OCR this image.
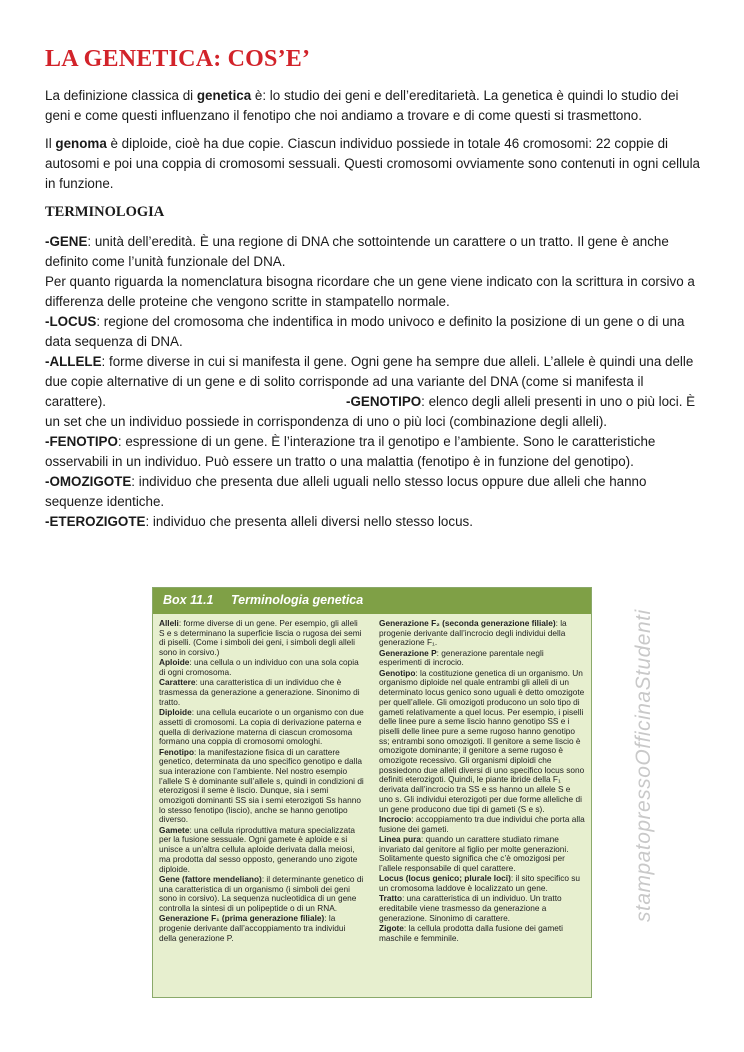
LA GENETICA: COS’E’
La definizione classica di genetica è: lo studio dei geni e dell’ereditarietà. La genetica è quindi lo studio dei geni e come questi influenzano il fenotipo che noi andiamo a trovare e di come questi si trasmettono.
Il genoma è diploide, cioè ha due copie. Ciascun individuo possiede in totale 46 cromosomi: 22 coppie di autosomi e poi una coppia di cromosomi sessuali. Questi cromosomi ovviamente sono contenuti in ogni cellula in funzione.
TERMINOLOGIA
-GENE: unità dell’eredità. È una regione di DNA che sottointende un carattere o un tratto. Il gene è anche definito come l’unità funzionale del DNA.
Per quanto riguarda la nomenclatura bisogna ricordare che un gene viene indicato con la scrittura in corsivo a differenza delle proteine che vengono scritte in stampatello normale.
-LOCUS: regione del cromosoma che indentifica in modo univoco e definito la posizione di un gene o di una data sequenza di DNA.
-ALLELE: forme diverse in cui si manifesta il gene. Ogni gene ha sempre due alleli. L’allele è quindi una delle due copie alternative di un gene e di solito corrisponde ad una variante del DNA (come si manifesta il carattere).	-GENOTIPO: elenco degli alleli presenti in uno o più loci. È un set che un individuo possiede in corrispondenza di uno o più loci (combinazione degli alleli).
-FENOTIPO: espressione di un gene. È l’interazione tra il genotipo e l’ambiente. Sono le caratteristiche osservabili in un individuo. Può essere un tratto o una malattia (fenotipo è in funzione del genotipo).
-OMOZIGOTE: individuo che presenta due alleli uguali nello stesso locus oppure due alleli che hanno sequenze identiche.
-ETEROZIGOTE: individuo che presenta alleli diversi nello stesso locus.
stampatopressoOfficinaStudenti
Box 11.1 Terminologia genetica
Alleli: forme diverse di un gene. Per esempio, gli alleli S e s determinano la superficie liscia o rugosa dei semi di piselli. (Come i simboli dei geni, i simboli degli alleli sono in corsivo.)
Aploide: una cellula o un individuo con una sola copia di ogni cromosoma.
Carattere: una caratteristica di un individuo che è trasmessa da generazione a generazione. Sinonimo di tratto.
Diploide: una cellula eucariote o un organismo con due assetti di cromosomi. La copia di derivazione paterna e quella di derivazione materna di ciascun cromosoma formano una coppia di cromosomi omologhi.
Fenotipo: la manifestazione fisica di un carattere genetico, determinata da uno specifico genotipo e dalla sua interazione con l’ambiente. Nel nostro esempio l’allele S è dominante sull’allele s, quindi in condizioni di eterozigosi il seme è liscio. Dunque, sia i semi omozigoti dominanti SS sia i semi eterozigoti Ss hanno lo stesso fenotipo (liscio), anche se hanno genotipo diverso.
Gamete: una cellula riproduttiva matura specializzata per la fusione sessuale. Ogni gamete è aploide e si unisce a un’altra cellula aploide derivata dalla meiosi, ma prodotta dal sesso opposto, generando uno zigote diploide.
Gene (fattore mendeliano): il determinante genetico di una caratteristica di un organismo (i simboli dei geni sono in corsivo). La sequenza nucleotidica di un gene controlla la sintesi di un polipeptide o di un RNA.
Generazione F₁ (prima generazione filiale): la progenie derivante dall’accoppiamento tra individui della generazione P.
Generazione F₂ (seconda generazione filiale): la progenie derivante dall’incrocio degli individui della generazione F₁.
Generazione P: generazione parentale negli esperimenti di incrocio.
Genotipo: la costituzione genetica di un organismo. Un organismo diploide nel quale entrambi gli alleli di un determinato locus genico sono uguali è detto omozigote per quell’allele. Gli omozigoti producono un solo tipo di gameti relativamente a quel locus. Per esempio, i piselli delle linee pure a seme liscio hanno genotipo SS e i piselli delle linee pure a seme rugoso hanno genotipo ss; entrambi sono omozigoti. Il genitore a seme liscio è omozigote dominante; il genitore a seme rugoso è omozigote recessivo. Gli organismi diploidi che possiedono due alleli diversi di uno specifico locus sono definiti eterozigoti. Quindi, le piante ibride della F₁ derivata dall’incrocio tra SS e ss hanno un allele S e uno s. Gli individui eterozigoti per due forme alleliche di un gene producono due tipi di gameti (S e s).
Incrocio: accoppiamento tra due individui che porta alla fusione dei gameti.
Linea pura: quando un carattere studiato rimane invariato dal genitore al figlio per molte generazioni. Solitamente questo significa che c’è omozigosi per l’allele responsabile di quel carattere.
Locus (locus genico; plurale loci): il sito specifico su un cromosoma laddove è localizzato un gene.
Tratto: una caratteristica di un individuo. Un tratto ereditabile viene trasmesso da generazione a generazione. Sinonimo di carattere.
Zigote: la cellula prodotta dalla fusione dei gameti maschile e femminile.
